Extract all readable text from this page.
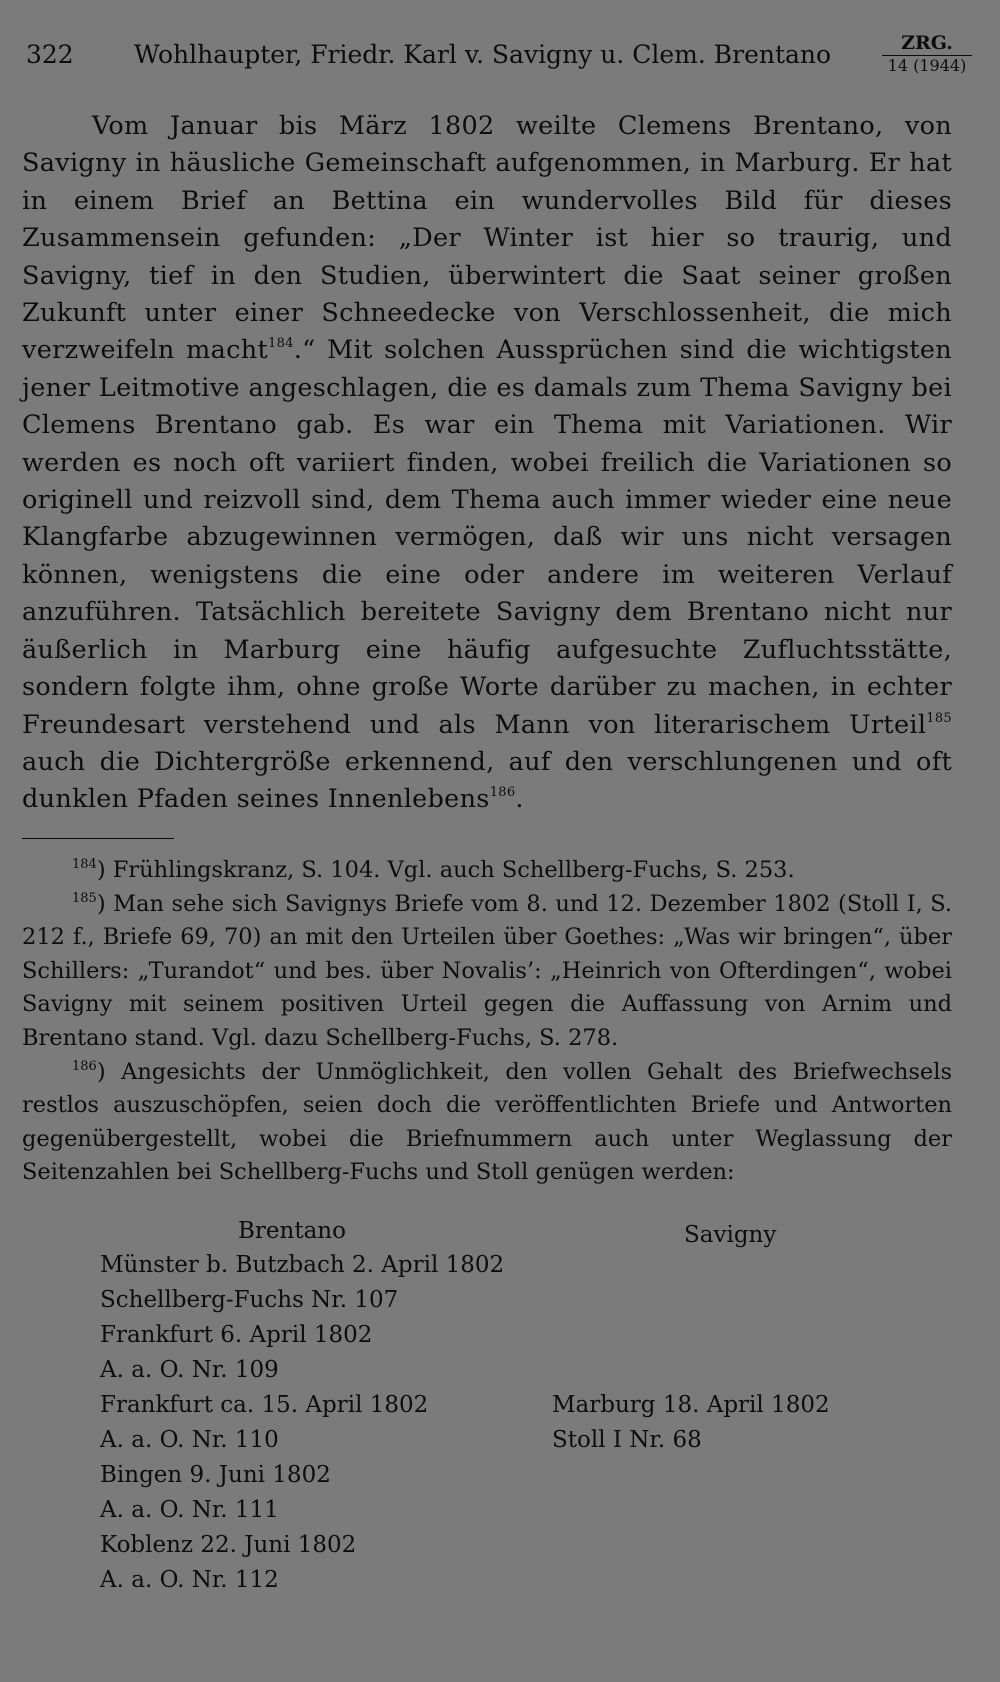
322 Wohlhaupter, Friedr. Karl v. Savigny u. Clem. Brentano	ZRG.
14 (1944)

Vom Januar bis März 1802 weilte Clemens Brentano, von Savigny in häusliche Gemeinschaft aufgenommen, in Marburg. Er hat in einem Brief an Bettina ein wundervolles Bild für dieses Zusammensein gefunden: „Der Winter ist hier so traurig, und Savigny, tief in den Studien, überwintert die Saat seiner großen Zukunft unter einer Schneedecke von Verschlossenheit, die mich verzweifeln macht$^{184}$.“ Mit solchen Aussprüchen sind die wichtigsten jener Leitmotive angeschlagen, die es damals zum Thema Savigny bei Clemens Brentano gab. Es war ein Thema mit Variationen. Wir werden es noch oft variiert finden, wobei freilich die Variationen so originell und reizvoll sind, dem Thema auch immer wieder eine neue Klangfarbe abzugewinnen vermögen, daß wir uns nicht versagen können, wenigstens die eine oder andere im weiteren Verlauf anzuführen. Tatsächlich bereitete Savigny dem Brentano nicht nur äußerlich in Marburg eine häufig aufgesuchte Zufluchtsstätte, sondern folgte ihm, ohne große Worte darüber zu machen, in echter Freundesart verstehend und als Mann von literarischem Urteil$^{185}$ auch die Dichtergröße erkennend, auf den verschlungenen und oft dunklen Pfaden seines Innenlebens$^{186}$.

$^{184}$) Frühlingskranz, S. 104. Vgl. auch Schellberg-Fuchs, S. 253.

$^{185}$) Man sehe sich Savignys Briefe vom 8. und 12. Dezember 1802 (Stoll I, S. 212 f., Briefe 69, 70) an mit den Urteilen über Goethes: „Was wir bringen“, über Schillers: „Turandot“ und bes. über Novalis’: „Heinrich von Ofterdingen“, wobei Savigny mit seinem positiven Urteil gegen die Auffassung von Arnim und Brentano stand. Vgl. dazu Schellberg-Fuchs, S. 278.

$^{186}$) Angesichts der Unmöglichkeit, den vollen Gehalt des Briefwechsels restlos auszuschöpfen, seien doch die veröffentlichten Briefe und Antworten gegenübergestellt, wobei die Briefnummern auch unter Weglassung der Seitenzahlen bei Schellberg-Fuchs und Stoll genügen werden:

Brentano	Savigny
Münster b. Butzbach 2. April 1802
Schellberg-Fuchs Nr. 107
Frankfurt 6. April 1802
A. a. O. Nr. 109
Frankfurt ca. 15. April 1802
A. a. O. Nr. 110
Bingen 9. Juni 1802
A. a. O. Nr. 111
Koblenz 22. Juni 1802
A. a. O. Nr. 112
Marburg 18. April 1802
Stoll I Nr. 68
